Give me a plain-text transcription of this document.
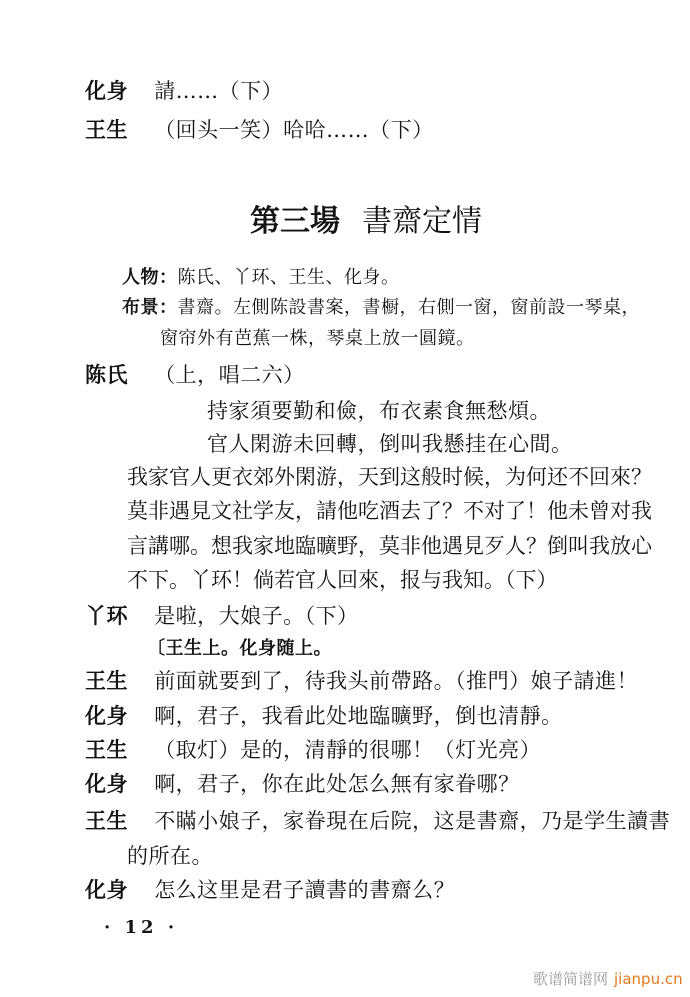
化身 請……（下）
王生 （回头一笑）哈哈……（下）
第三場 書齋定情
人物：陈氏、丫环、王生、化身。
布景：書齋。左側陈設書案，書橱，右側一窗，窗前設一琴桌，
窗帘外有芭蕉一株，琴桌上放一圓鏡。
陈氏 （上，唱二六）
持家須要勤和儉，布衣素食無愁煩。
官人閑游未回轉，倒叫我懸挂在心間。
我家官人更衣郊外閑游，天到这般时候，为何还不回來？
莫非遇見文社学友，請他吃酒去了？不对了！他未曾对我
言講哪。想我家地臨曠野，莫非他遇見歹人？倒叫我放心
不下。丫环！倘若官人回來，报与我知。（下）
丫环 是啦，大娘子。（下）
〔王生上。化身随上。
王生 前面就要到了，待我头前帶路。（推門）娘子請進！
化身 啊，君子，我看此处地臨曠野，倒也清靜。
王生 （取灯）是的，清靜的很哪！（灯光亮）
化身 啊，君子，你在此处怎么無有家眷哪？
王生 不瞞小娘子，家眷現在后院，这是書齋，乃是学生讀書
的所在。
化身 怎么这里是君子讀書的書齋么？
· 12 ·
歌谱简谱网 jianpu.cn
